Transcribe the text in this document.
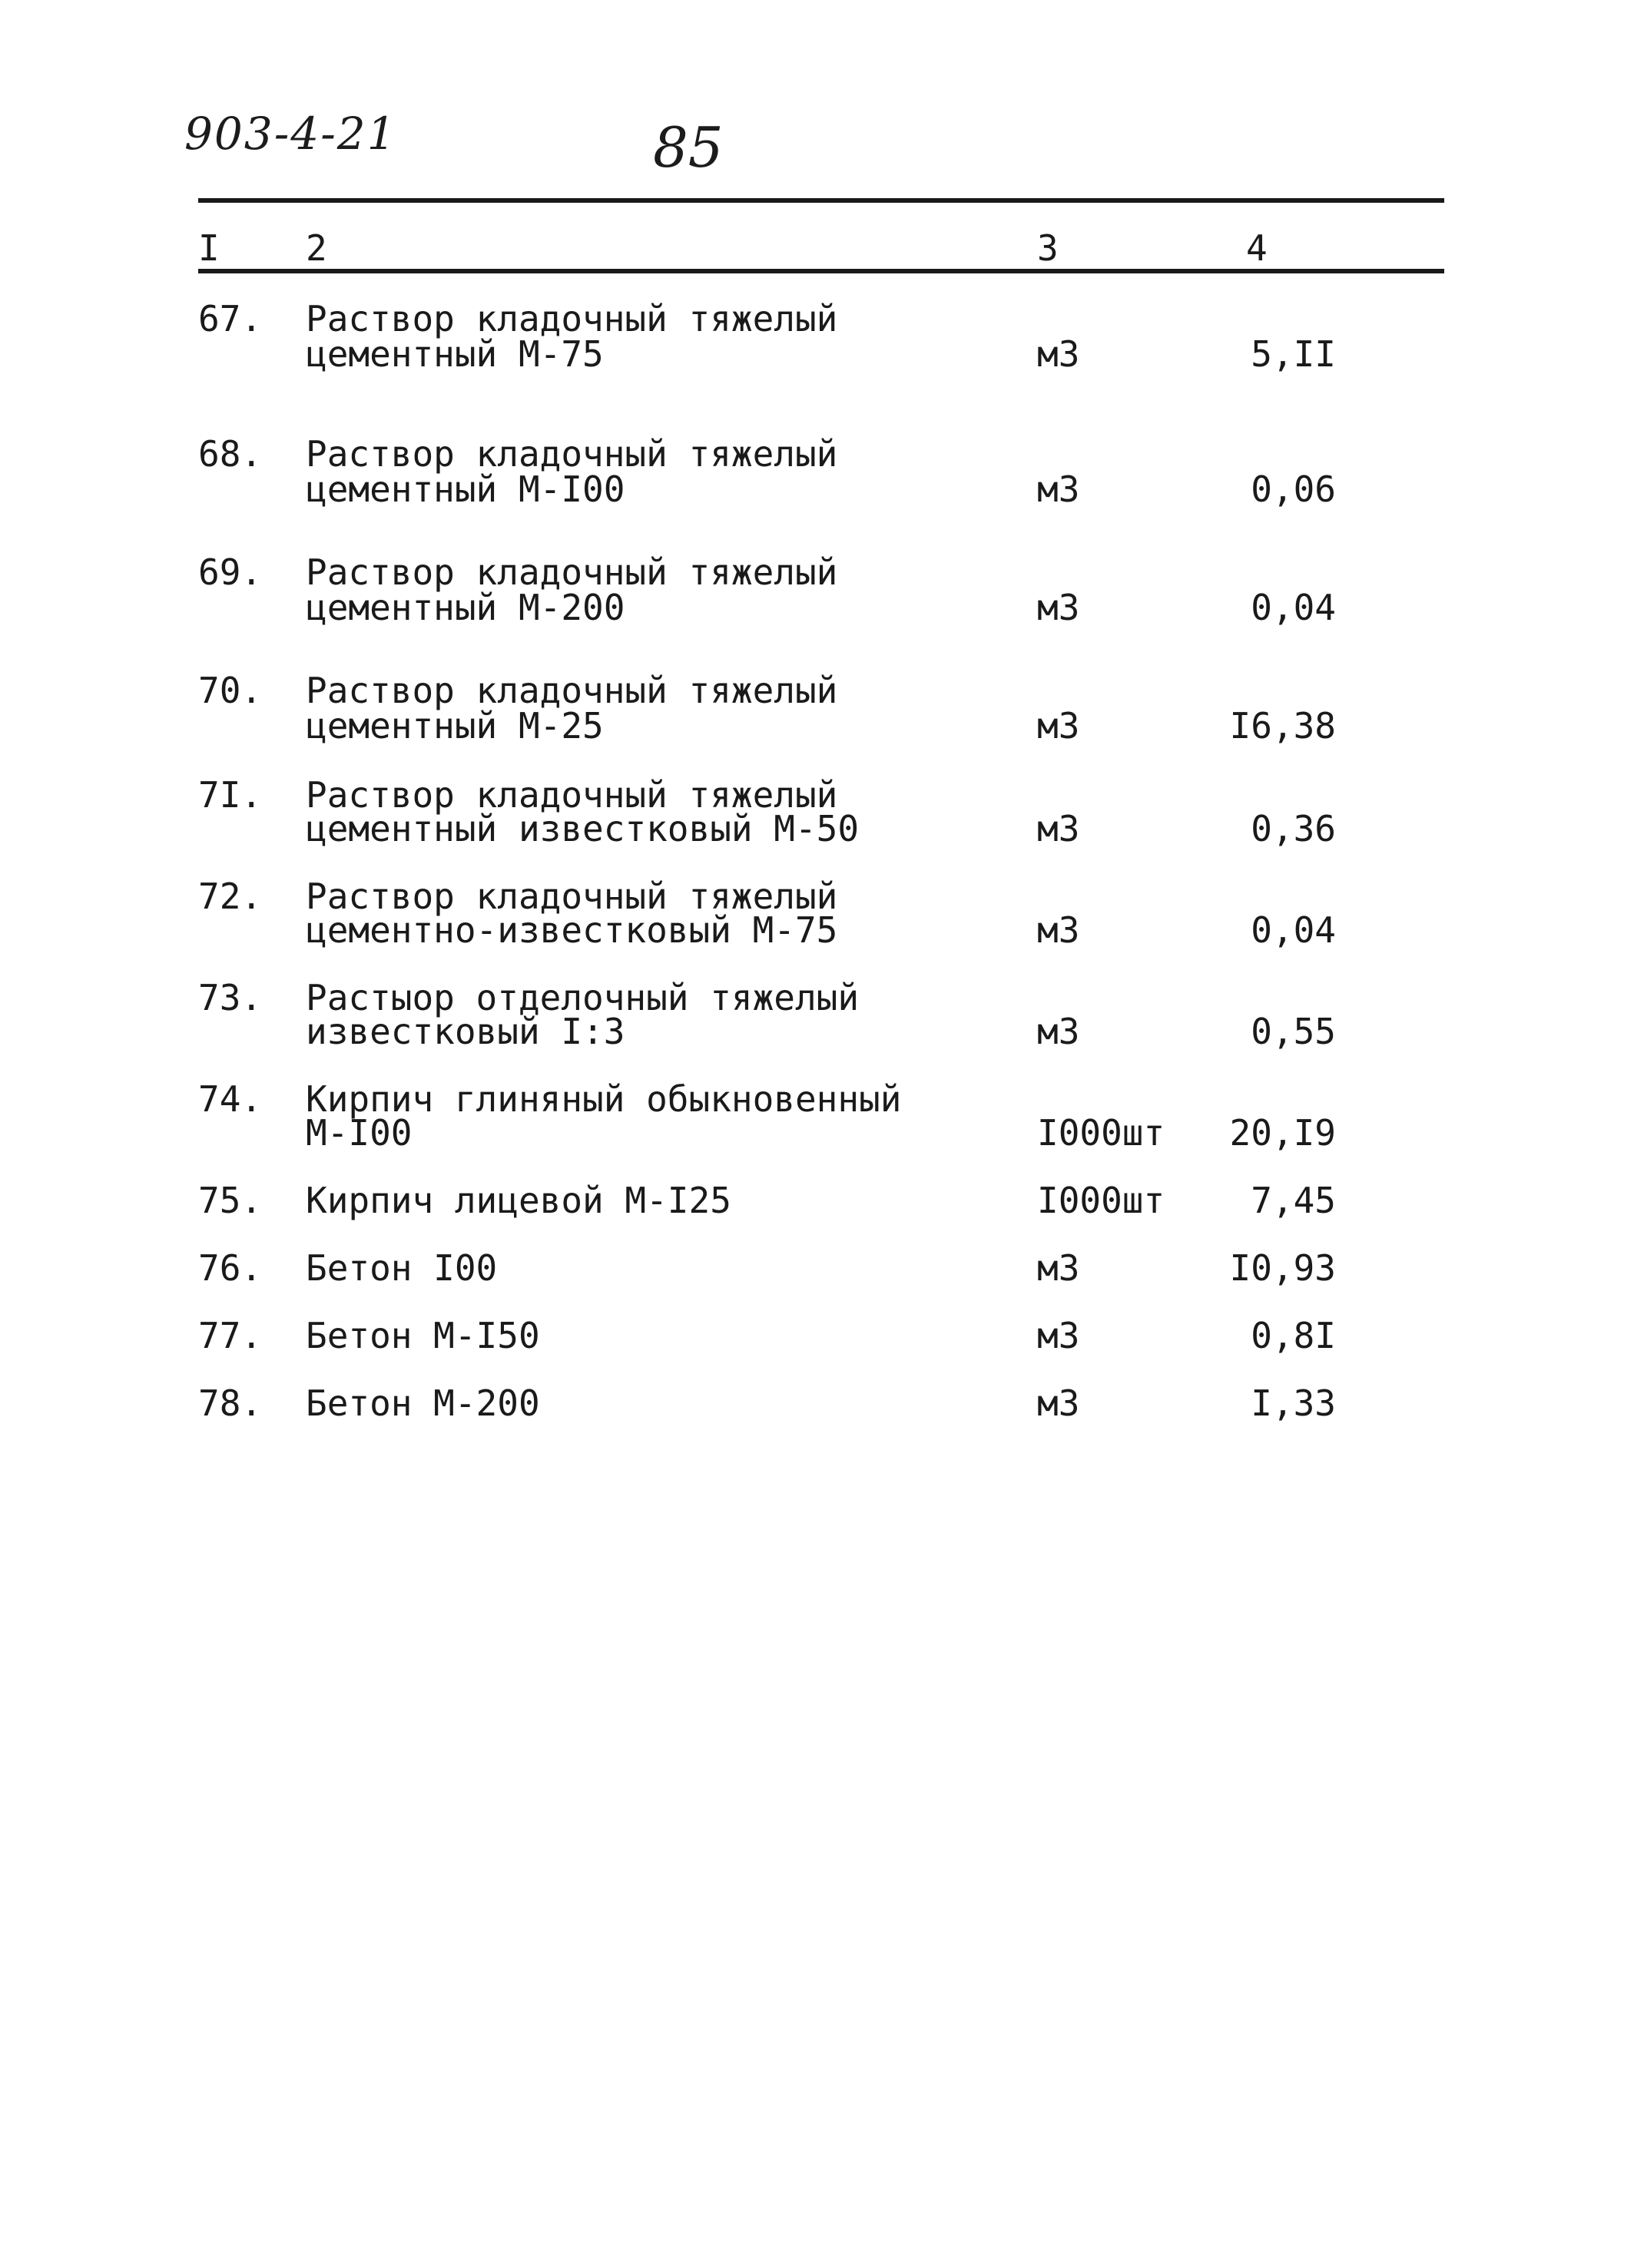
903-4-21	85
I 2	3	4
67. Раствор кладочный тяжелый
цементный М-75	м3	5,II
68. Раствор кладочный тяжелый
цементный М-I00	м3	0,06
69. Раствор кладочный тяжелый
цементный М-200	м3	0,04
70. Раствор кладочный тяжелый
цементный М-25	м3	I6,38
7I. Раствор кладочный тяжелый
цементный известковый М-50	м3	0,36
72. Раствор кладочный тяжелый
цементно-известковый М-75	м3	0,04
73. Растыор отделочный тяжелый
известковый I:3	м3	0,55
74. Кирпич глиняный обыкновенный
М-I00	I000шт 20,I9
75. Кирпич лицевой М-I25	I000шт 7,45
76. Бетон I00	м3	I0,93
77. Бетон М-I50	м3	0,8I
78. Бетон М-200	м3	I,33
